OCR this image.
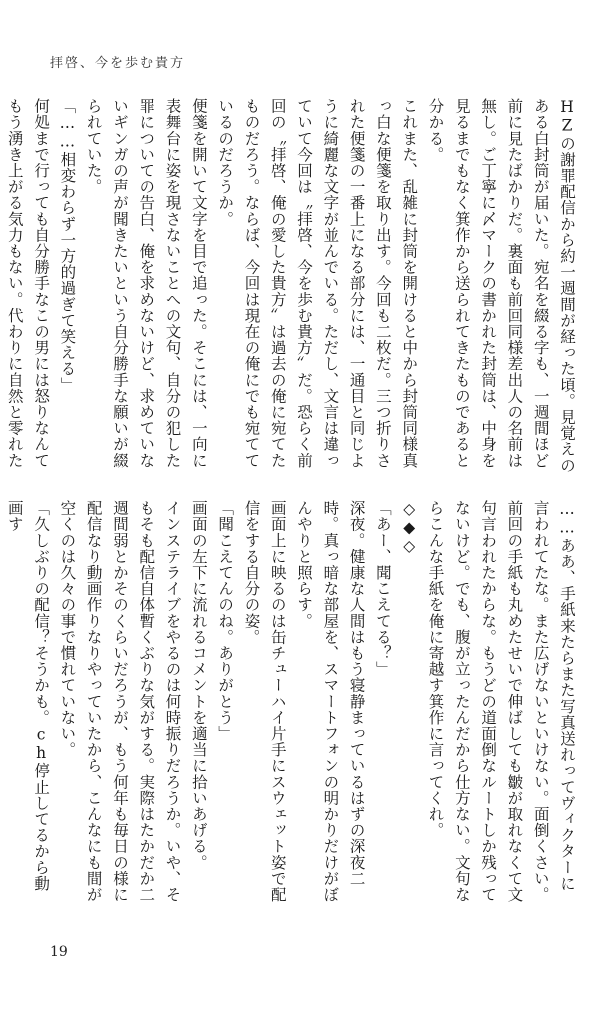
拝啓、今を歩む貴方

HZの謝罪配信から約一週間が経った頃。見覚えのある白封筒が届いた。宛名を綴る字も、一週間ほど前に見たばかりだ。裏面も前回同様差出人の名前は無し。ご丁寧に〆マークの書かれた封筒は、中身を見るまでもなく箕作から送られてきたものであると分かる。

これまた、乱雑に封筒を開けると中から封筒同様真っ白な便箋を取り出す。今回も二枚だ。三つ折りされた便箋の一番上になる部分には、一通目と同じように綺麗な文字が並んでいる。ただし、文言は違っていて今回は〝拝啓、今を歩む貴方〟だ。恐らく前回の〝拝啓、俺の愛した貴方〟は過去の俺に宛てたものだろう。ならば、今回は現在の俺にでも宛てているのだろうか。

便箋を開いて文字を目で追った。そこには、一向に表舞台に姿を現さないことへの文句、自分の犯した罪についての告白、俺を求めないけど、求めていないギンガの声が聞きたいという自分勝手な願いが綴られていた。

「……相変わらず一方的過ぎて笑える」

何処まで行っても自分勝手なこの男には怒りなんてもう湧き上がる気力もない。代わりに自然と零れた

……ああ、手紙来たらまた写真送れってヴィクターに言われてたな。また広げないといけない。面倒くさい。前回の手紙も丸めたせいで伸ばしても皺が取れなくて文句言われたからな。もうどの道面倒なルートしか残ってないけど。でも、腹が立ったんだから仕方ない。文句ならこんな手紙を俺に寄越す箕作に言ってくれ。

◇◆◇

「あー、聞こえてる？」

深夜。健康な人間はもう寝静まっているはずの深夜二時。真っ暗な部屋を、スマートフォンの明かりだけがぼんやりと照らす。

画面上に映るのは缶チューハイ片手にスウェット姿で配信をする自分の姿。

「聞こえてんのね。ありがとう」

画面の左下に流れるコメントを適当に拾いあげる。

インステライブをやるのは何時振りだろうか。いや、そもそも配信自体暫くぶりな気がする。実際はたかだか二週間弱とかそのくらいだろうが、もう何年も毎日の様に配信なり動画作りなりやっていたから、こんなにも間が空くのは久々の事で慣れていない。

「久しぶりの配信？そうかも。ch停止してるから動画す

19
